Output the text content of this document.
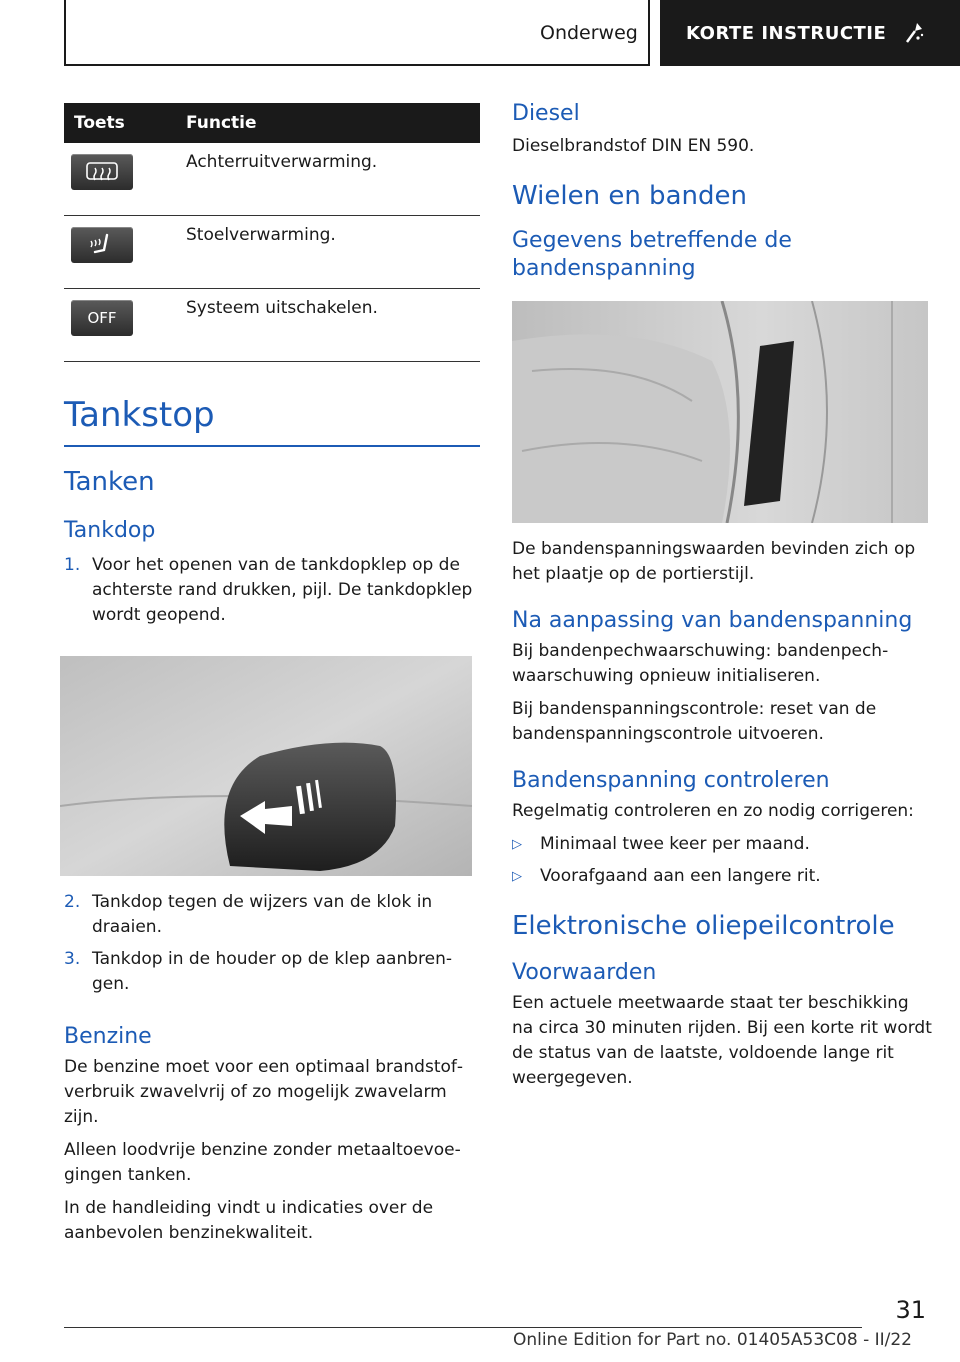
Onderweg	KORTE INSTRUCTIE
Toets	Functie

	Achterruitverwarming.

	Stoelverwarming.

OFF	Systeem uitschakelen.
Tankstop
Tanken
Tankdop
1. Voor het openen van de tankdopklep op de achterste rand drukken, pijl. De tankdopklep wordt geopend.
2. Tankdop tegen de wijzers van de klok in draaien.
3. Tankdop in de houder op de klep aanbrengen.
Benzine

De benzine moet voor een optimaal brandstofverbruik zwavelvrij of zo mogelijk zwavelarm zijn.

Alleen loodvrije benzine zonder metaaltoevoegingen tanken.

In de handleiding vindt u indicaties over de aanbevolen benzinekwaliteit.

Diesel

Dieselbrandstof DIN EN 590.

Wielen en banden
Gegevens betreffende de bandenspanning

De bandenspanningswaarden bevinden zich op het plaatje op de portierstijl.

Na aanpassing van bandenspanning

Bij bandenpechwaarschuwing: bandenpechwaarschuwing opnieuw initialiseren.

Bij bandenspanningscontrole: reset van de bandenspanningscontrole uitvoeren.

Bandenspanning controleren

Regelmatig controleren en zo nodig corrigeren:

▷	Minimaal twee keer per maand.
▷	Voorafgaand aan een langere rit.
Elektronische oliepeilcontrole
Voorwaarden

Een actuele meetwaarde staat ter beschikking na circa 30 minuten rijden. Bij een korte rit wordt de status van de laatste, voldoende lange rit weergegeven.

31
Online Edition for Part no. 01405A53C08 - II/22
